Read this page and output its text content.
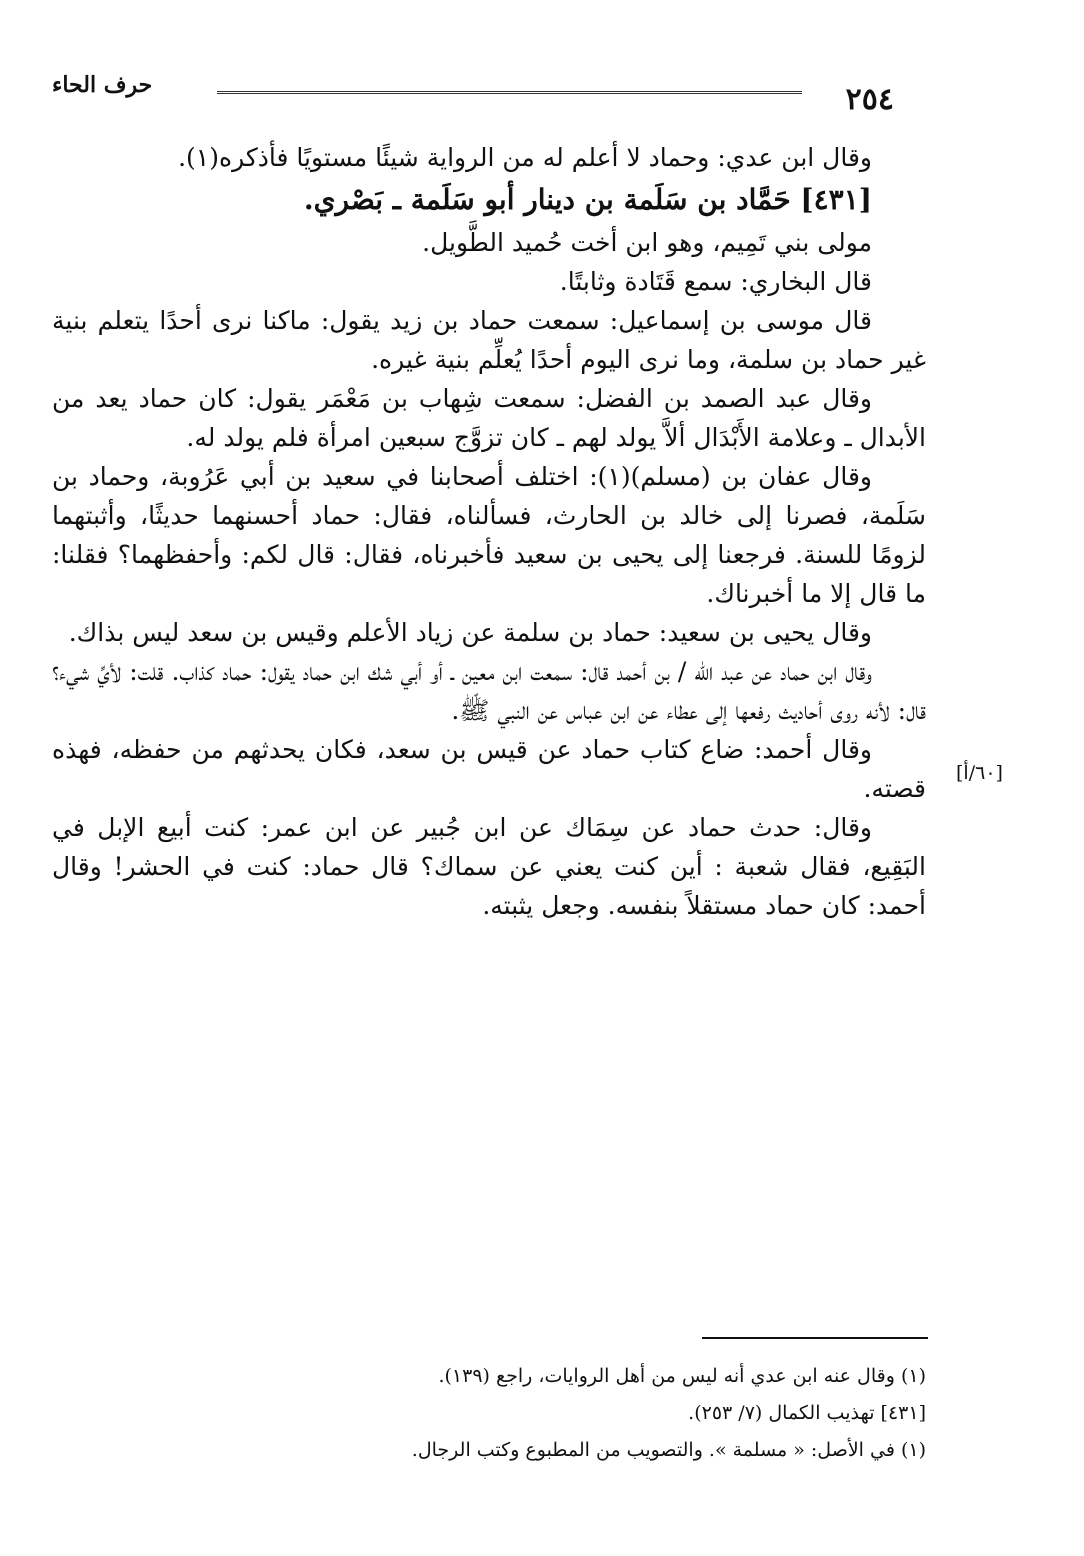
٢٥٤
حرف الحاء

وقال ابن عدي: وحماد لا أعلم له من الرواية شيئًا مستويًا فأذكره(١).

[٤٣١] حَمَّاد بن سَلَمة بن دينار أبو سَلَمة ـ بَصْري.

مولى بني تَمِيم، وهو ابن أخت حُميد الطَّويل.

قال البخاري: سمع قَتَادة وثابتًا.

قال موسى بن إسماعيل: سمعت حماد بن زيد يقول: ماكنا نرى أحدًا يتعلم بنية غير حماد بن سلمة، وما نرى اليوم أحدًا يُعلِّم بنية غيره.

وقال عبد الصمد بن الفضل: سمعت شِهاب بن مَعْمَر يقول: كان حماد يعد من الأبدال ـ وعلامة الأَبْدَال ألاَّ يولد لهم ـ كان تزوَّج سبعين امرأة فلم يولد له.

وقال عفان بن (مسلم)(١): اختلف أصحابنا في سعيد بن أبي عَرُوبة، وحماد بن سَلَمة، فصرنا إلى خالد بن الحارث، فسألناه، فقال: حماد أحسنهما حديثًا، وأثبتهما لزومًا للسنة. فرجعنا إلى يحيى بن سعيد فأخبرناه، فقال: قال لكم: وأحفظهما؟ فقلنا: ما قال إلا ما أخبرناك.

وقال يحيى بن سعيد: حماد بن سلمة عن زياد الأعلم وقيس بن سعد ليس بذاك.

وقال ابن حماد عن عبد الله / بن أحمد قال: سمعت ابن معين ـ أو أبي شك ابن حماد يقول: حماد كذاب. قلت: لأيِّ شيء؟ قال: لأنه روى أحاديث رفعها إلى عطاء عن ابن عباس عن النبي ﷺ.

وقال أحمد: ضاع كتاب حماد عن قيس بن سعد، فكان يحدثهم من حفظه، فهذه قصته.

وقال: حدث حماد عن سِمَاك عن ابن جُبير عن ابن عمر: كنت أبيع الإبل في البَقِيع، فقال شعبة : أين كنت يعني عن سماك؟ قال حماد: كنت في الحشر! وقال أحمد: كان حماد مستقلاً بنفسه. وجعل يثبته.

[٦٠/أ]

(١) وقال عنه ابن عدي أنه ليس من أهل الروايات، راجع (١٣٩).

[٤٣١] تهذيب الكمال (٧/ ٢٥٣).

(١) في الأصل: « مسلمة ». والتصويب من المطبوع وكتب الرجال.
